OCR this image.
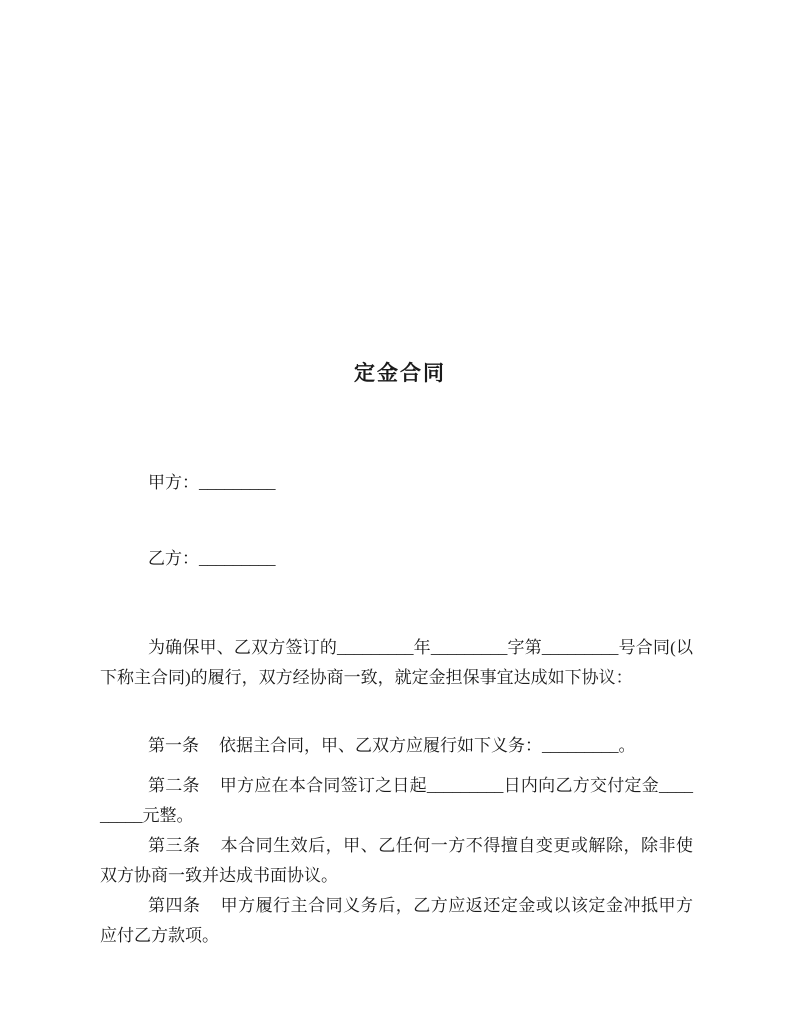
定金合同
甲方：_________
乙方：_________

为确保甲、乙双方签订的_________年_________字第_________号合同(以下称主合同)的履行，双方经协商一致，就定金担保事宜达成如下协议：

第一条 依据主合同，甲、乙双方应履行如下义务：_________。

第二条 甲方应在本合同签订之日起_________日内向乙方交付定金_________元整。

第三条 本合同生效后，甲、乙任何一方不得擅自变更或解除，除非使双方协商一致并达成书面协议。

第四条 甲方履行主合同义务后，乙方应返还定金或以该定金冲抵甲方应付乙方款项。
